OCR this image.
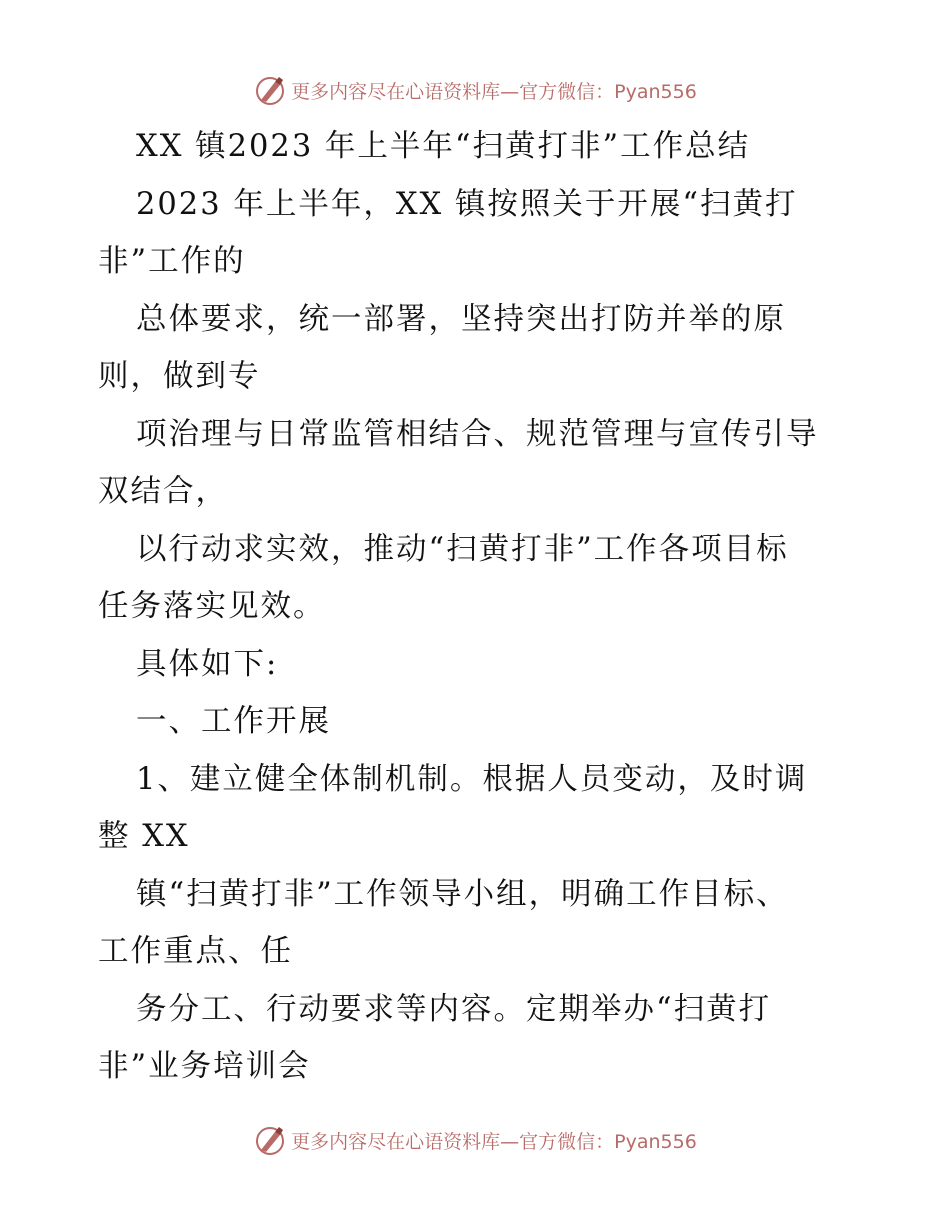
更多内容尽在心语资料库—官方微信：Pyan556
XX 镇2023 年上半年“扫黄打非”工作总结
2023 年上半年，XX 镇按照关于开展“扫黄打
非”工作的
总体要求，统一部署，坚持突出打防并举的原
则，做到专
项治理与日常监管相结合、规范管理与宣传引导
双结合，
以行动求实效，推动“扫黄打非”工作各项目标
任务落实见效。
具体如下:
一、工作开展
1、建立健全体制机制。根据人员变动，及时调
整 XX
镇“扫黄打非”工作领导小组，明确工作目标、
工作重点、任
务分工、行动要求等内容。定期举办“扫黄打
非”业务培训会
更多内容尽在心语资料库—官方微信：Pyan556
